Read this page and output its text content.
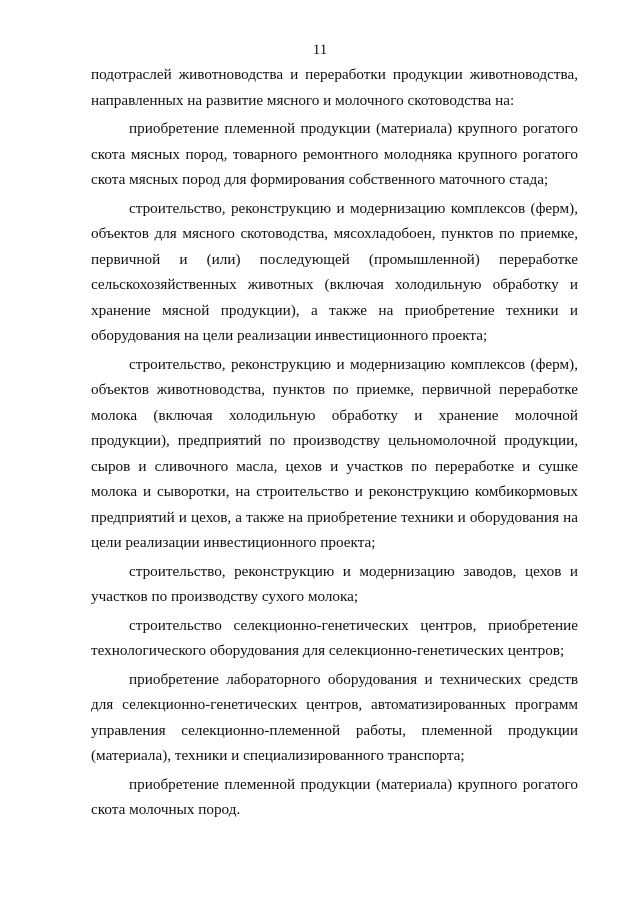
11

подотраслей животноводства и переработки продукции животноводства, направленных на развитие мясного и молочного скотоводства на:

приобретение племенной продукции (материала) крупного рогатого скота мясных пород, товарного ремонтного молодняка крупного рогатого скота мясных пород для формирования собственного маточного стада;

строительство, реконструкцию и модернизацию комплексов (ферм), объектов для мясного скотоводства, мясохладобоен, пунктов по приемке, первичной и (или) последующей (промышленной) переработке сельскохозяйственных животных (включая холодильную обработку и хранение мясной продукции), а также на приобретение техники и оборудования на цели реализации инвестиционного проекта;

строительство, реконструкцию и модернизацию комплексов (ферм), объектов животноводства, пунктов по приемке, первичной переработке молока (включая холодильную обработку и хранение молочной продукции), предприятий по производству цельномолочной продукции, сыров и сливочного масла, цехов и участков по переработке и сушке молока и сыворотки, на строительство и реконструкцию комбикормовых предприятий и цехов, а также на приобретение техники и оборудования на цели реализации инвестиционного проекта;

строительство, реконструкцию и модернизацию заводов, цехов и участков по производству сухого молока;

строительство селекционно-генетических центров, приобретение технологического оборудования для селекционно-генетических центров;

приобретение лабораторного оборудования и технических средств для селекционно-генетических центров, автоматизированных программ управления селекционно-племенной работы, племенной продукции (материала), техники и специализированного транспорта;

приобретение племенной продукции (материала) крупного рогатого скота молочных пород.
